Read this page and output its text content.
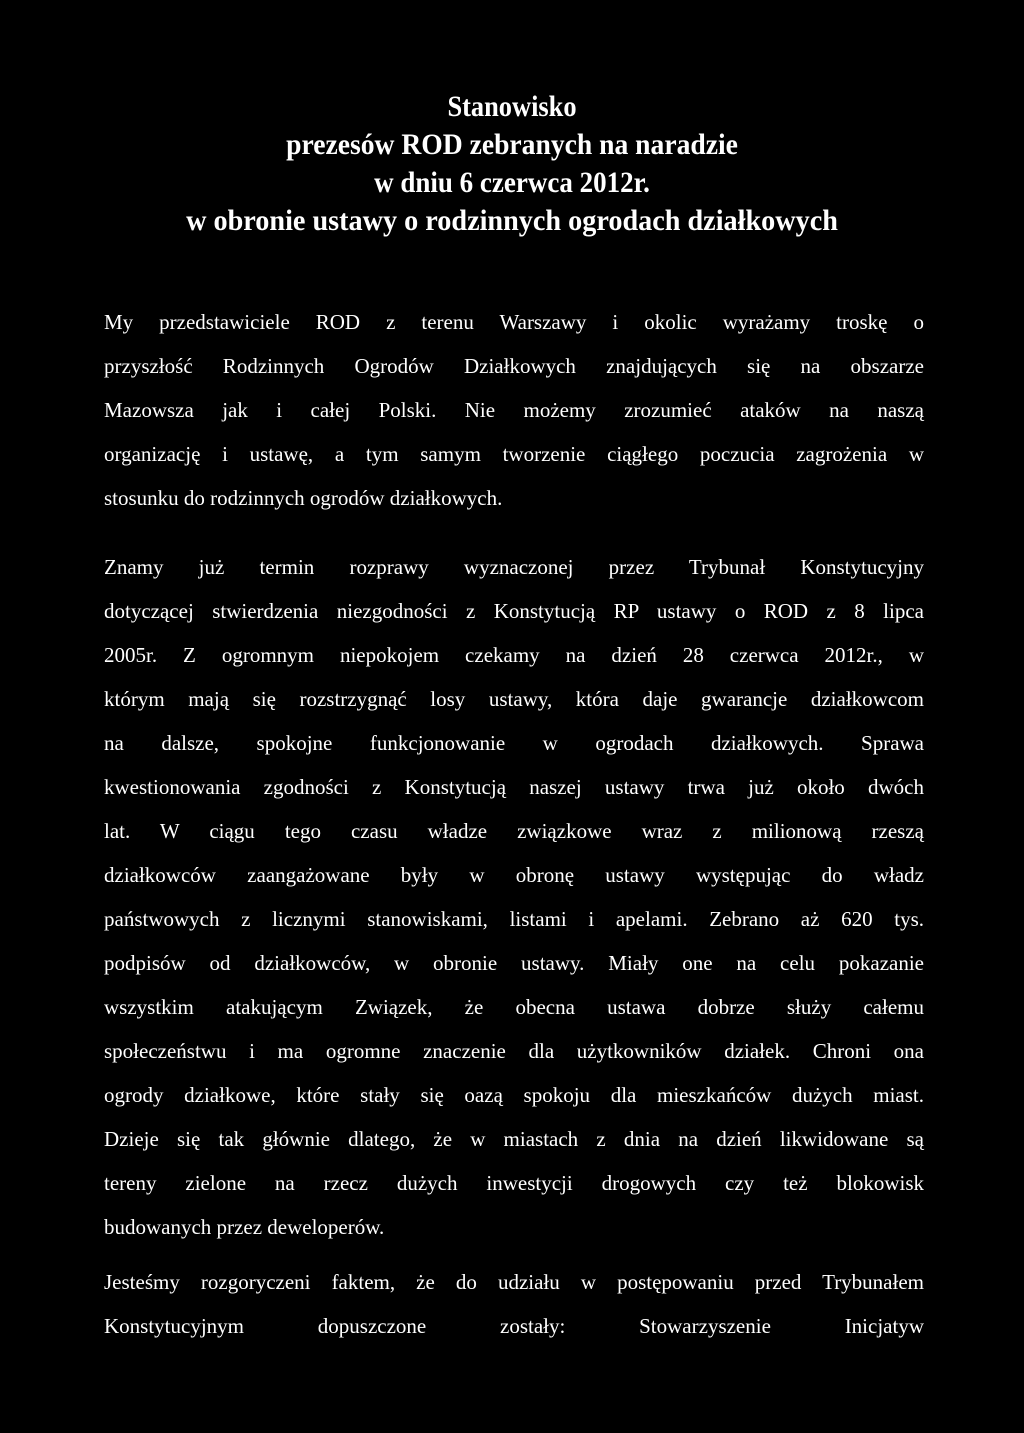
Stanowisko
prezesów ROD zebranych na naradzie
w dniu 6 czerwca 2012r.
w obronie ustawy o rodzinnych ogrodach działkowych
My przedstawiciele ROD z terenu Warszawy i okolic wyrażamy troskę o
przyszłość Rodzinnych Ogrodów Działkowych znajdujących się na obszarze
Mazowsza jak i całej Polski. Nie możemy zrozumieć ataków na naszą
organizację i ustawę, a tym samym tworzenie ciągłego poczucia zagrożenia w
stosunku do rodzinnych ogrodów działkowych.
Znamy już termin rozprawy wyznaczonej przez Trybunał Konstytucyjny
dotyczącej stwierdzenia niezgodności z Konstytucją RP ustawy o ROD z 8 lipca
2005r. Z ogromnym niepokojem czekamy na dzień 28 czerwca 2012r., w
którym mają się rozstrzygnąć losy ustawy, która daje gwarancje działkowcom
na dalsze, spokojne funkcjonowanie w ogrodach działkowych. Sprawa
kwestionowania zgodności z Konstytucją naszej ustawy trwa już około dwóch
lat. W ciągu tego czasu władze związkowe wraz z milionową rzeszą
działkowców zaangażowane były w obronę ustawy występując do władz
państwowych z licznymi stanowiskami, listami i apelami. Zebrano aż 620 tys.
podpisów od działkowców, w obronie ustawy. Miały one na celu pokazanie
wszystkim atakującym Związek, że obecna ustawa dobrze służy całemu
społeczeństwu i ma ogromne znaczenie dla użytkowników działek. Chroni ona
ogrody działkowe, które stały się oazą spokoju dla mieszkańców dużych miast.
Dzieje się tak głównie dlatego, że w miastach z dnia na dzień likwidowane są
tereny zielone na rzecz dużych inwestycji drogowych czy też blokowisk
budowanych przez deweloperów.
Jesteśmy rozgoryczeni faktem, że do udziału w postępowaniu przed Trybunałem
Konstytucyjnym dopuszczone zostały: Stowarzyszenie Inicjatyw
